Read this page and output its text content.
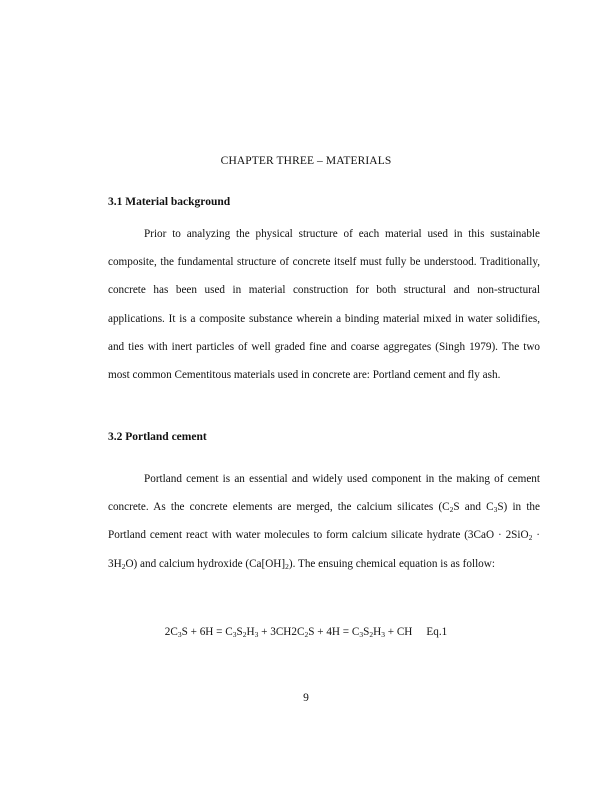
CHAPTER THREE – MATERIALS
3.1 Material background

Prior to analyzing the physical structure of each material used in this sustainable composite, the fundamental structure of concrete itself must fully be understood. Traditionally, concrete has been used in material construction for both structural and non-structural applications. It is a composite substance wherein a binding material mixed in water solidifies, and ties with inert particles of well graded fine and coarse aggregates (Singh 1979). The two most common Cementitous materials used in concrete are: Portland cement and fly ash.

3.2 Portland cement

Portland cement is an essential and widely used component in the making of cement concrete. As the concrete elements are merged, the calcium silicates ($C_2S$ and $C_3S$) in the Portland cement react with water molecules to form calcium silicate hydrate $(3CaO \cdot 2SiO_2 \cdot 3H_2O)$ and calcium hydroxide $(Ca[OH]_2)$. The ensuing chemical equation is as follow:

$2C_3S + 6H = C_3S_2H_3 + 3CH2C_2S + 4H = C_3S_2H_3$ + CH Eq.1
9
